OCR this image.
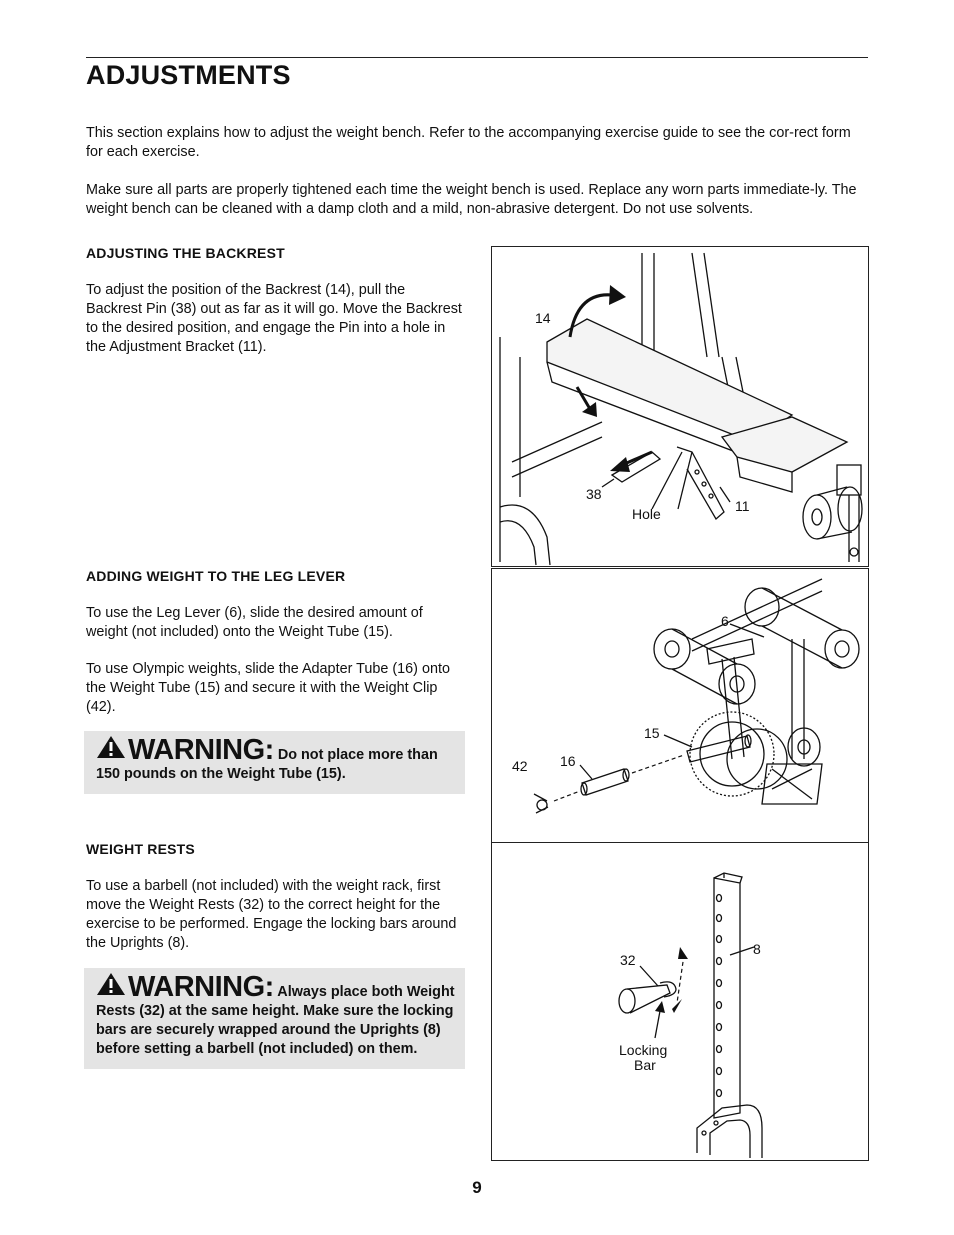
ADJUSTMENTS

This section explains how to adjust the weight bench. Refer to the accompanying exercise guide to see the cor-rect form for each exercise.

Make sure all parts are properly tightened each time the weight bench is used. Replace any worn parts immediate-ly. The weight bench can be cleaned with a damp cloth and a mild, non-abrasive detergent. Do not use solvents.

ADJUSTING THE BACKREST

To adjust the position of the Backrest (14), pull the Backrest Pin (38) out as far as it will go. Move the Backrest to the desired position, and engage the Pin into a hole in the Adjustment Bracket (11).

ADDING WEIGHT TO THE LEG LEVER

To use the Leg Lever (6), slide the desired amount of weight (not included) onto the Weight Tube (15).

To use Olympic weights, slide the Adapter Tube (16) onto the Weight Tube (15) and secure it with the Weight Clip (42).

WARNING: Do not place more than 150 pounds on the Weight Tube (15).
WEIGHT RESTS

To use a barbell (not included) with the weight rack, first move the Weight Rests (32) to the correct height for the exercise to be performed. Engage the locking bars around the Uprights (8).

WARNING: Always place both Weight Rests (32) at the same height. Make sure the locking bars are securely wrapped around the Uprights (8) before setting a barbell (not included) on them.
14
38
Hole	11
6
15
16
42
32
8
Locking
Bar
9
